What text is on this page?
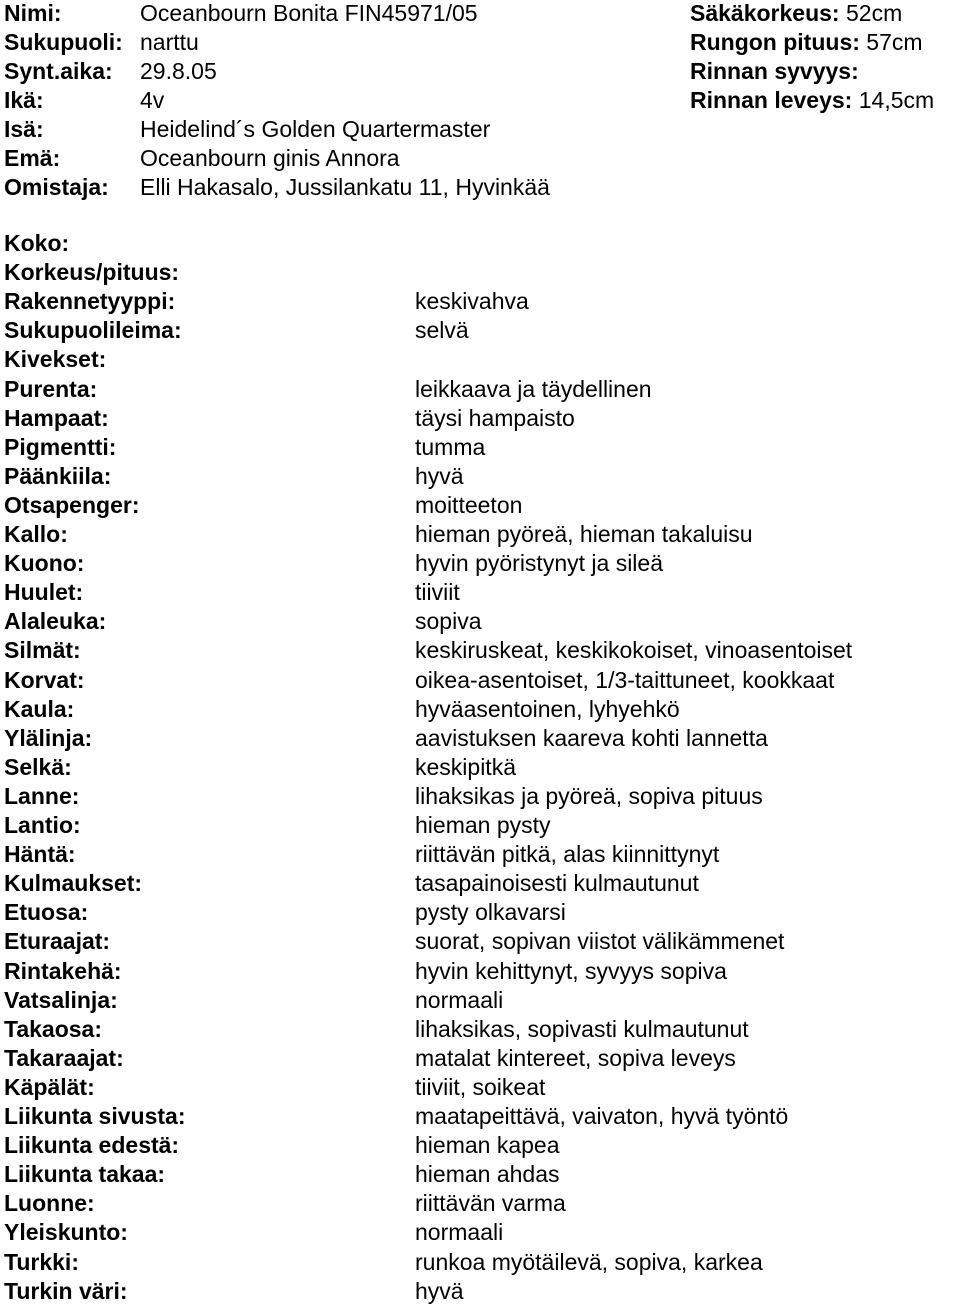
Nimi:	Oceanbourn Bonita FIN45971/05
Sukupuoli: narttu
Synt.aika: 29.8.05
Ikä:	4v
Isä:	Heidelind´s Golden Quartermaster
Emä:	Oceanbourn ginis Annora
Omistaja: Elli Hakasalo, Jussilankatu 11, Hyvinkää
Säkäkorkeus: 52cm
Rungon pituus: 57cm
Rinnan syvyys:
Rinnan leveys: 14,5cm
Koko:
Korkeus/pituus:
Rakennetyyppi:	keskivahva
Sukupuolileima:	selvä
Kivekset:
Purenta:	leikkaava ja täydellinen
Hampaat:	täysi hampaisto
Pigmentti:	tumma
Päänkiila:	hyvä
Otsapenger:	moitteeton
Kallo:	hieman pyöreä, hieman takaluisu
Kuono:	hyvin pyöristynyt ja sileä
Huulet:	tiiviit
Alaleuka:	sopiva
Silmät:	keskiruskeat, keskikokoiset, vinoasentoiset
Korvat:	oikea-asentoiset, 1/3-taittuneet, kookkaat
Kaula:	hyväasentoinen, lyhyehkö
Ylälinja:	aavistuksen kaareva kohti lannetta
Selkä:	keskipitkä
Lanne:	lihaksikas ja pyöreä, sopiva pituus
Lantio:	hieman pysty
Häntä:	riittävän pitkä, alas kiinnittynyt
Kulmaukset:	tasapainoisesti kulmautunut
Etuosa:	pysty olkavarsi
Eturaajat:	suorat, sopivan viistot välikämmenet
Rintakehä:	hyvin kehittynyt, syvyys sopiva
Vatsalinja:	normaali
Takaosa:	lihaksikas, sopivasti kulmautunut
Takaraajat:	matalat kintereet, sopiva leveys
Käpälät:	tiiviit, soikeat
Liikunta sivusta:	maatapeittävä, vaivaton, hyvä työntö
Liikunta edestä:	hieman kapea
Liikunta takaa:	hieman ahdas
Luonne:	riittävän varma
Yleiskunto:	normaali
Turkki:	runkoa myötäilevä, sopiva, karkea
Turkin väri:	hyvä
